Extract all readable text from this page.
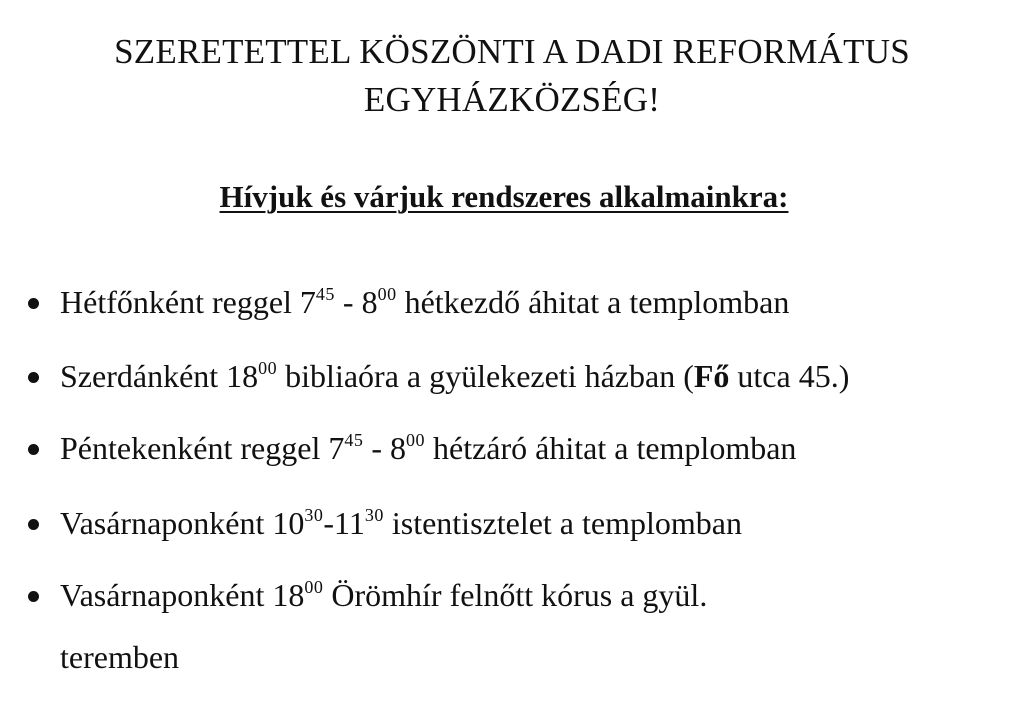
SZERETETTEL KÖSZÖNTI A DADI REFORMÁTUS
EGYHÁZKÖZSÉG!
Hívjuk és várjuk rendszeres alkalmainkra:
Hétfőnként reggel $7^{45} - 8^{00}$ hétkezdő áhitat a templomban
Szerdánként $18^{00}$ bibliaóra a gyülekezeti házban (Fő utca 45.)
Péntekenként reggel $7^{45} - 8^{00}$ hétzáró áhitat a templomban
Vasárnaponként $10^{30}-11^{30}$ istentisztelet a templomban
Vasárnaponként $18^{00}$ Örömhír felnőtt kórus a gyül.
teremben
